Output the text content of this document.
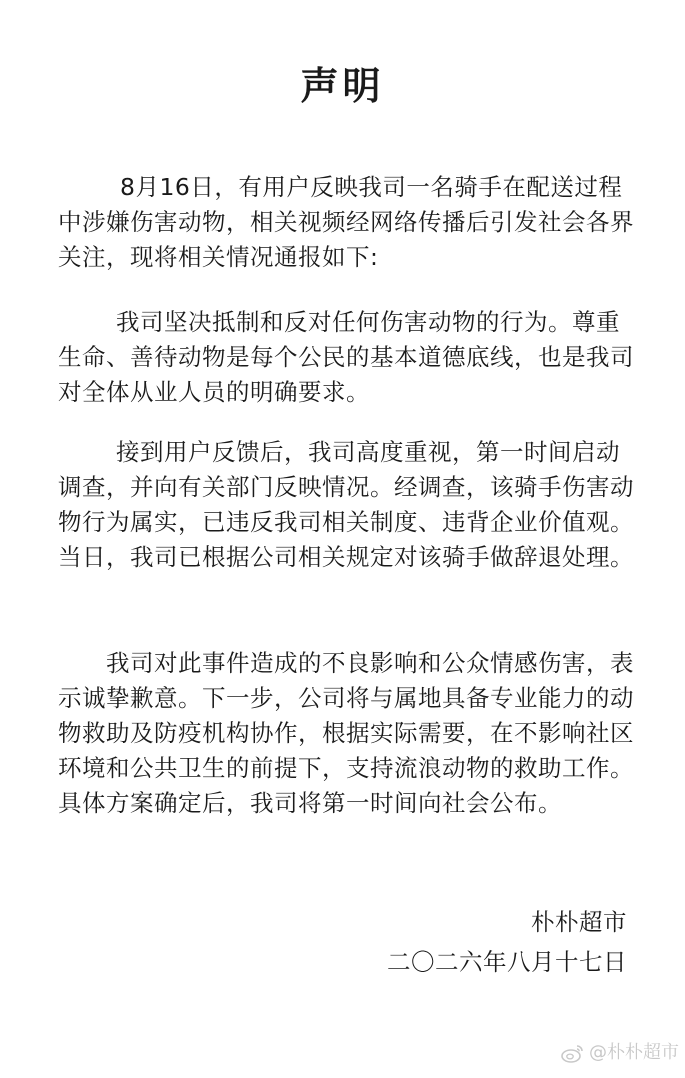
声明

8月16日，有用户反映我司一名骑手在配送过程中涉嫌伤害动物，相关视频经网络传播后引发社会各界关注，现将相关情况通报如下:

我司坚决抵制和反对任何伤害动物的行为。尊重生命、善待动物是每个公民的基本道德底线，也是我司对全体从业人员的明确要求。

接到用户反馈后，我司高度重视，第一时间启动调查，并向有关部门反映情况。经调查，该骑手伤害动物行为属实，已违反我司相关制度、违背企业价值观。当日，我司已根据公司相关规定对该骑手做辞退处理。

我司对此事件造成的不良影响和公众情感伤害，表示诚挚歉意。下一步，公司将与属地具备专业能力的动物救助及防疫机构协作，根据实际需要，在不影响社区环境和公共卫生的前提下，支持流浪动物的救助工作。具体方案确定后，我司将第一时间向社会公布。

朴朴超市
二〇二六年八月十七日
@朴朴超市
